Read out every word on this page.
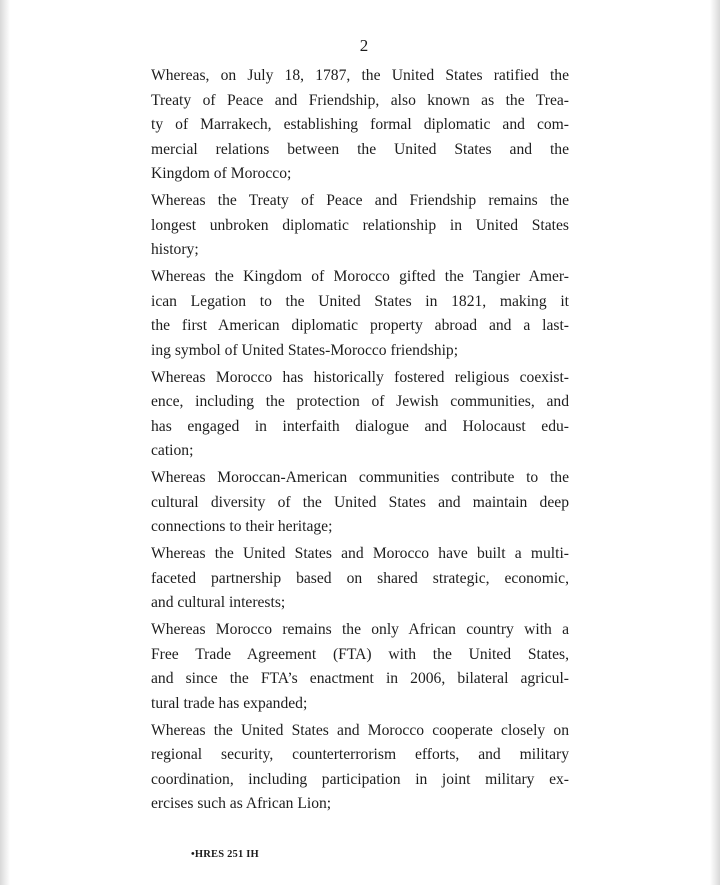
2

Whereas, on July 18, 1787, the United States ratified the
Treaty of Peace and Friendship, also known as the Trea-
ty of Marrakech, establishing formal diplomatic and com-
mercial relations between the United States and the
Kingdom of Morocco;

Whereas the Treaty of Peace and Friendship remains the
longest unbroken diplomatic relationship in United States
history;

Whereas the Kingdom of Morocco gifted the Tangier Amer-
ican Legation to the United States in 1821, making it
the first American diplomatic property abroad and a last-
ing symbol of United States-Morocco friendship;

Whereas Morocco has historically fostered religious coexist-
ence, including the protection of Jewish communities, and
has engaged in interfaith dialogue and Holocaust edu-
cation;

Whereas Moroccan-American communities contribute to the
cultural diversity of the United States and maintain deep
connections to their heritage;

Whereas the United States and Morocco have built a multi-
faceted partnership based on shared strategic, economic,
and cultural interests;

Whereas Morocco remains the only African country with a
Free Trade Agreement (FTA) with the United States,
and since the FTA’s enactment in 2006, bilateral agricul-
tural trade has expanded;

Whereas the United States and Morocco cooperate closely on
regional security, counterterrorism efforts, and military
coordination, including participation in joint military ex-
ercises such as African Lion;

•HRES 251 IH
